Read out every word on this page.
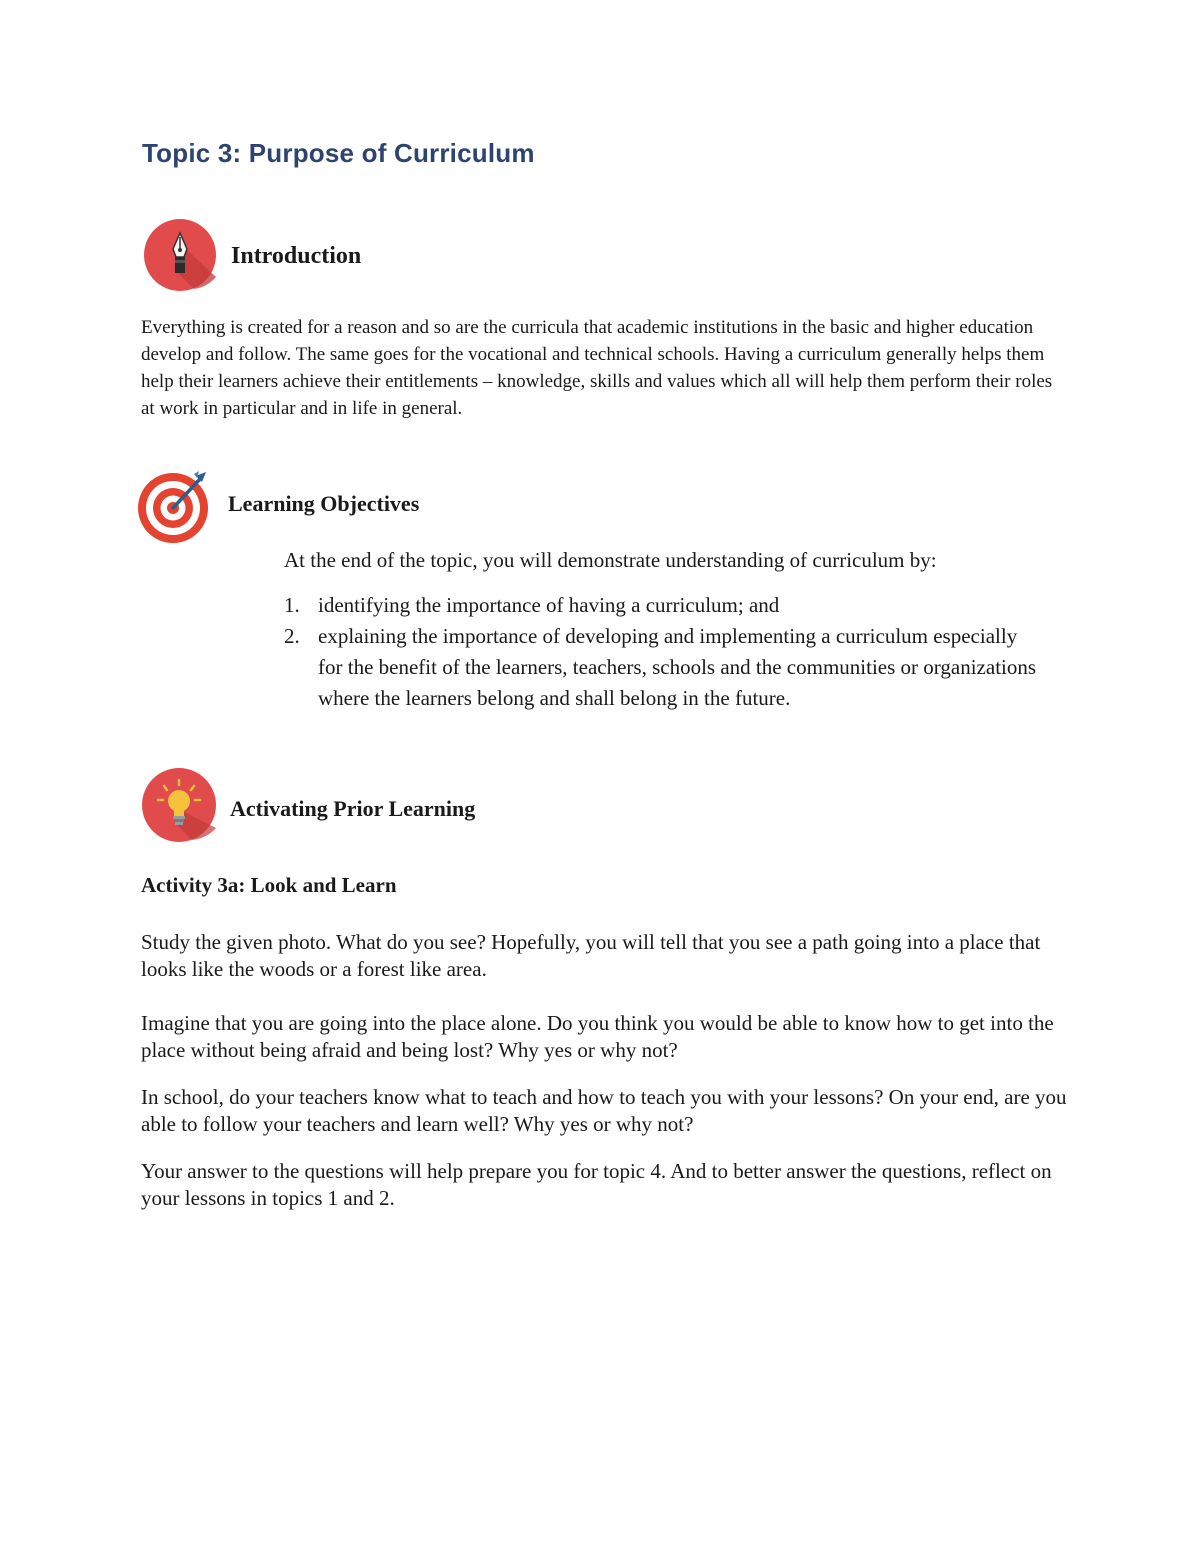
Topic 3: Purpose of Curriculum
Introduction

Everything is created for a reason and so are the curricula that academic institutions in the basic and higher education develop and follow. The same goes for the vocational and technical schools. Having a curriculum generally helps them help their learners achieve their entitlements – knowledge, skills and values which all will help them perform their roles at work in particular and in life in general.

Learning Objectives

At the end of the topic, you will demonstrate understanding of curriculum by:

1. identifying the importance of having a curriculum; and
2. explaining the importance of developing and implementing a curriculum especially for the benefit of the learners, teachers, schools and the communities or organizations where the learners belong and shall belong in the future.
Activating Prior Learning
Activity 3a: Look and Learn

Study the given photo. What do you see? Hopefully, you will tell that you see a path going into a place that looks like the woods or a forest like area.

Imagine that you are going into the place alone. Do you think you would be able to know how to get into the place without being afraid and being lost? Why yes or why not?

In school, do your teachers know what to teach and how to teach you with your lessons? On your end, are you able to follow your teachers and learn well? Why yes or why not?

Your answer to the questions will help prepare you for topic 4. And to better answer the questions, reflect on your lessons in topics 1 and 2.
